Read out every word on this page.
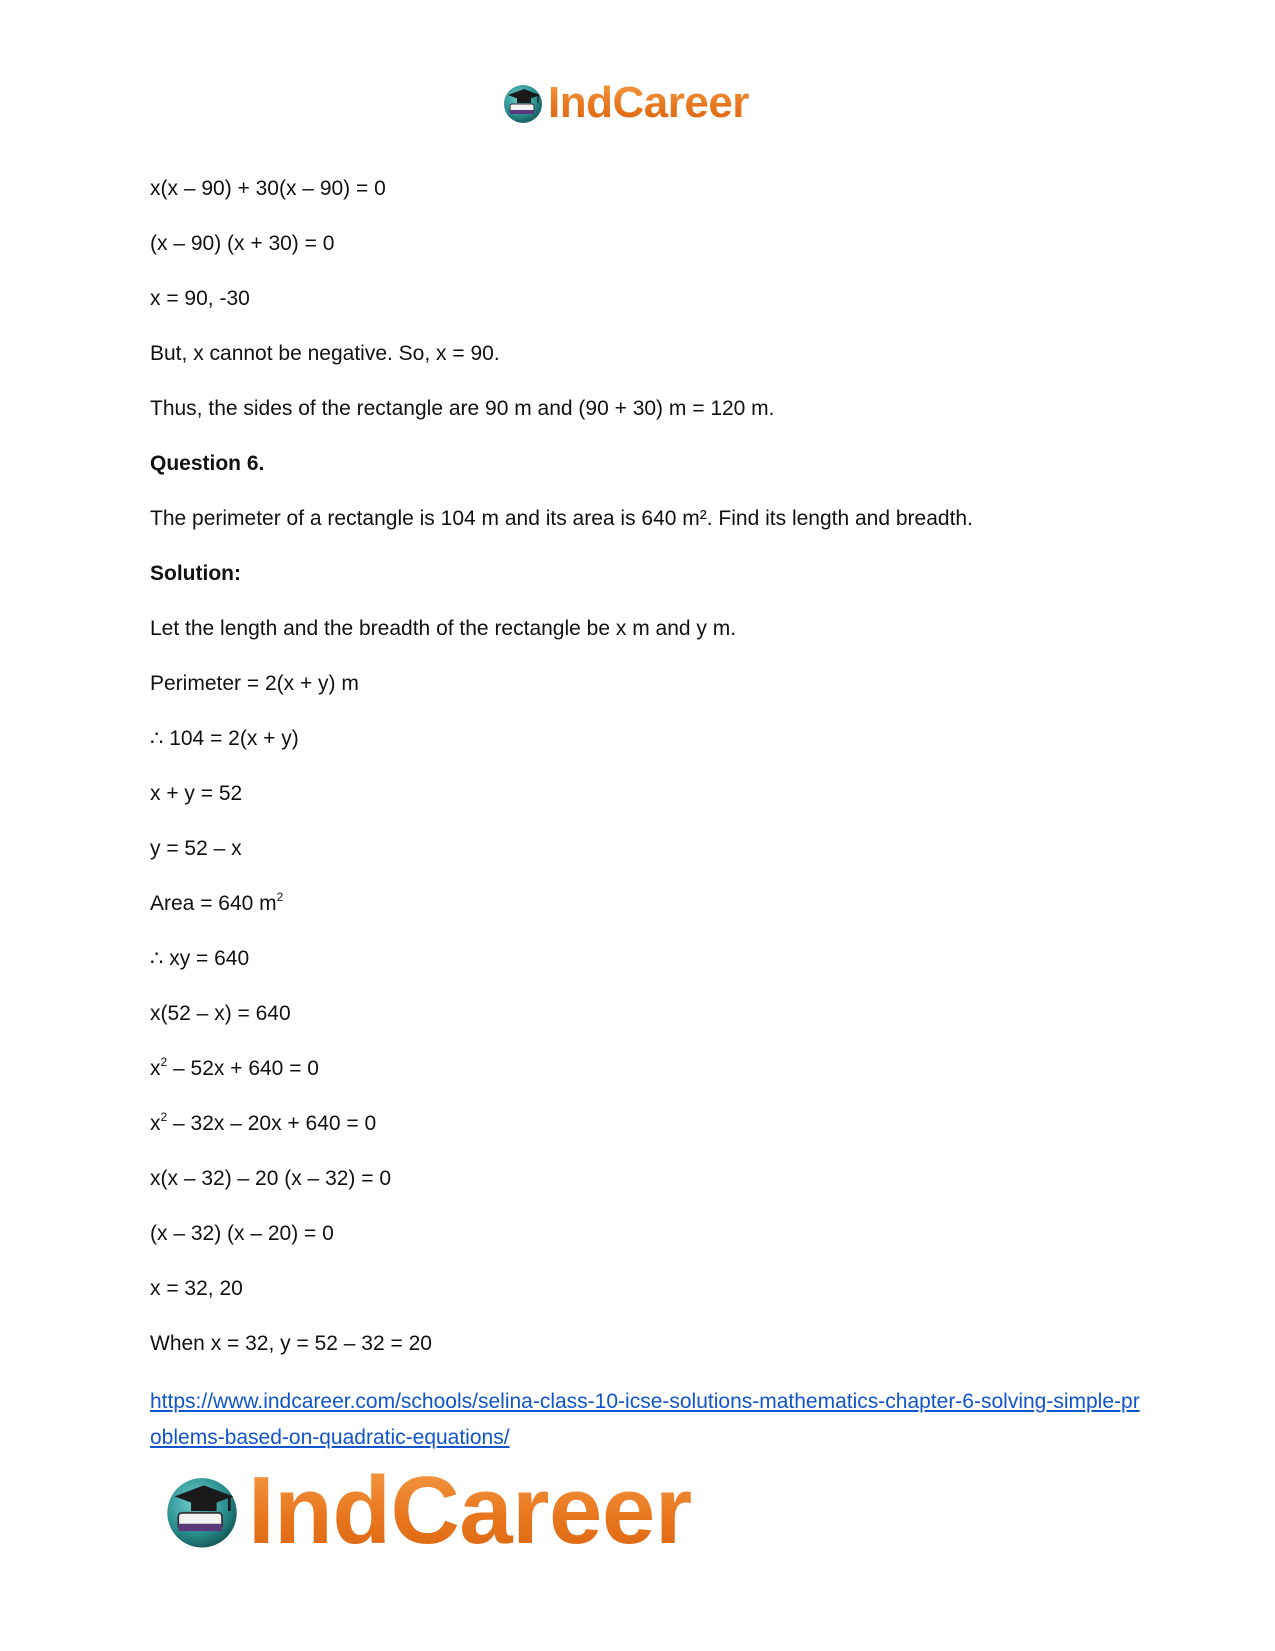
IndCareer
x(x – 90) + 30(x – 90) = 0
(x – 90) (x + 30) = 0
x = 90, -30
But, x cannot be negative. So, x = 90.
Thus, the sides of the rectangle are 90 m and (90 + 30) m = 120 m.
Question 6.
The perimeter of a rectangle is 104 m and its area is 640 m². Find its length and breadth.
Solution:
Let the length and the breadth of the rectangle be x m and y m.
Perimeter = 2(x + y) m
∴ 104 = 2(x + y)
x + y = 52
y = 52 – x
Area = 640 $m^2$
∴ xy = 640
x(52 – x) = 640
$x^2 - 52x + 640 = 0$
$x^2 - 32x - 20x + 640 = 0$
x(x – 32) – 20 (x – 32) = 0
(x – 32) (x – 20) = 0
x = 32, 20
When x = 32, y = 52 – 32 = 20
https://www.indcareer.com/schools/selina-class-10-icse-solutions-mathematics-chapter-6-solving-simple-problems-based-on-quadratic-equations/
IndCareer
